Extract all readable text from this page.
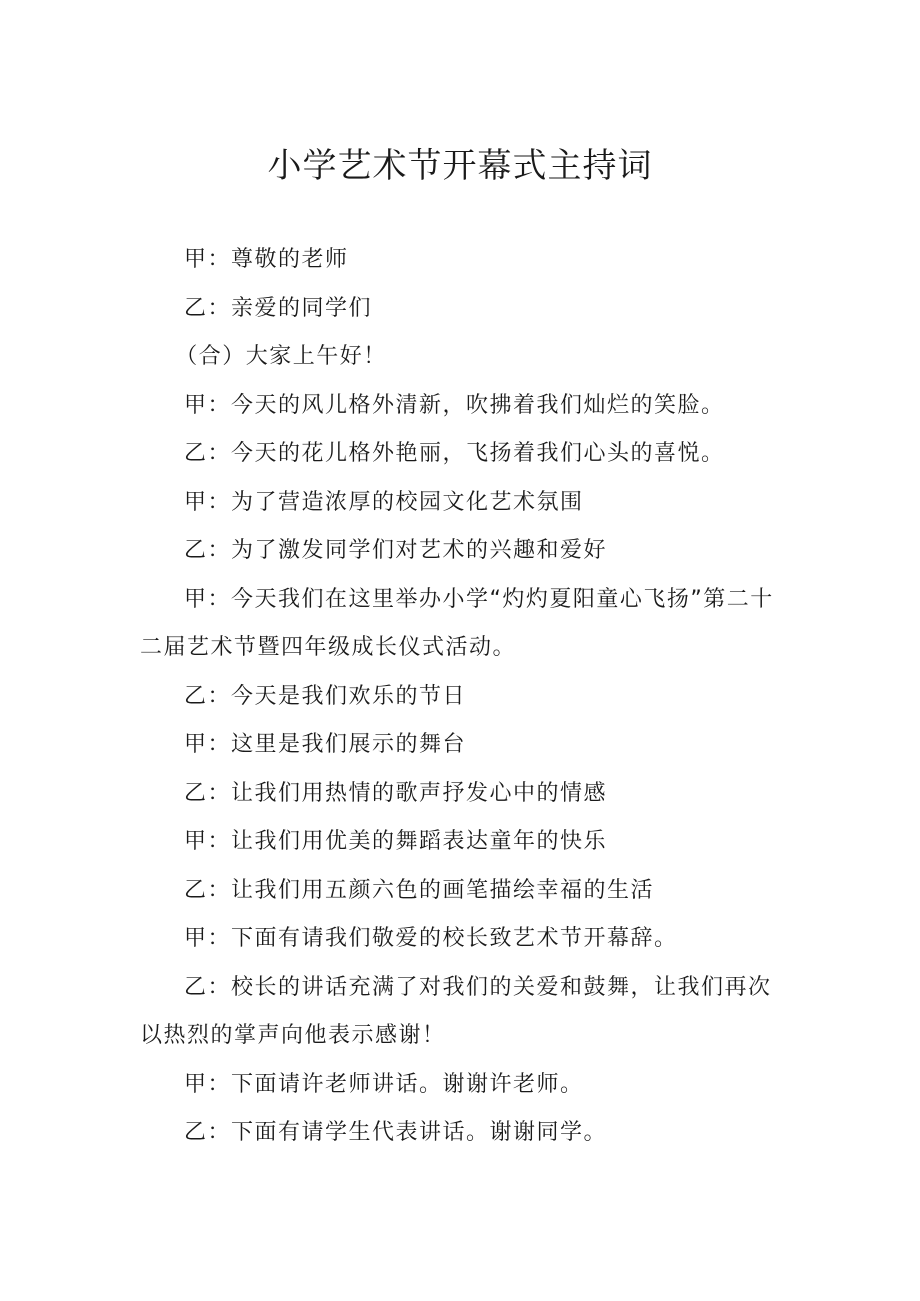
小学艺术节开幕式主持词

甲：尊敬的老师

乙：亲爱的同学们

（合）大家上午好！

甲：今天的风儿格外清新，吹拂着我们灿烂的笑脸。

乙：今天的花儿格外艳丽，飞扬着我们心头的喜悦。

甲：为了营造浓厚的校园文化艺术氛围

乙：为了激发同学们对艺术的兴趣和爱好

甲：今天我们在这里举办小学“灼灼夏阳童心飞扬”第二十二届艺术节暨四年级成长仪式活动。

乙：今天是我们欢乐的节日

甲：这里是我们展示的舞台

乙：让我们用热情的歌声抒发心中的情感

甲：让我们用优美的舞蹈表达童年的快乐

乙：让我们用五颜六色的画笔描绘幸福的生活

甲：下面有请我们敬爱的校长致艺术节开幕辞。

乙：校长的讲话充满了对我们的关爱和鼓舞，让我们再次以热烈的掌声向他表示感谢！

甲：下面请许老师讲话。谢谢许老师。

乙：下面有请学生代表讲话。谢谢同学。
